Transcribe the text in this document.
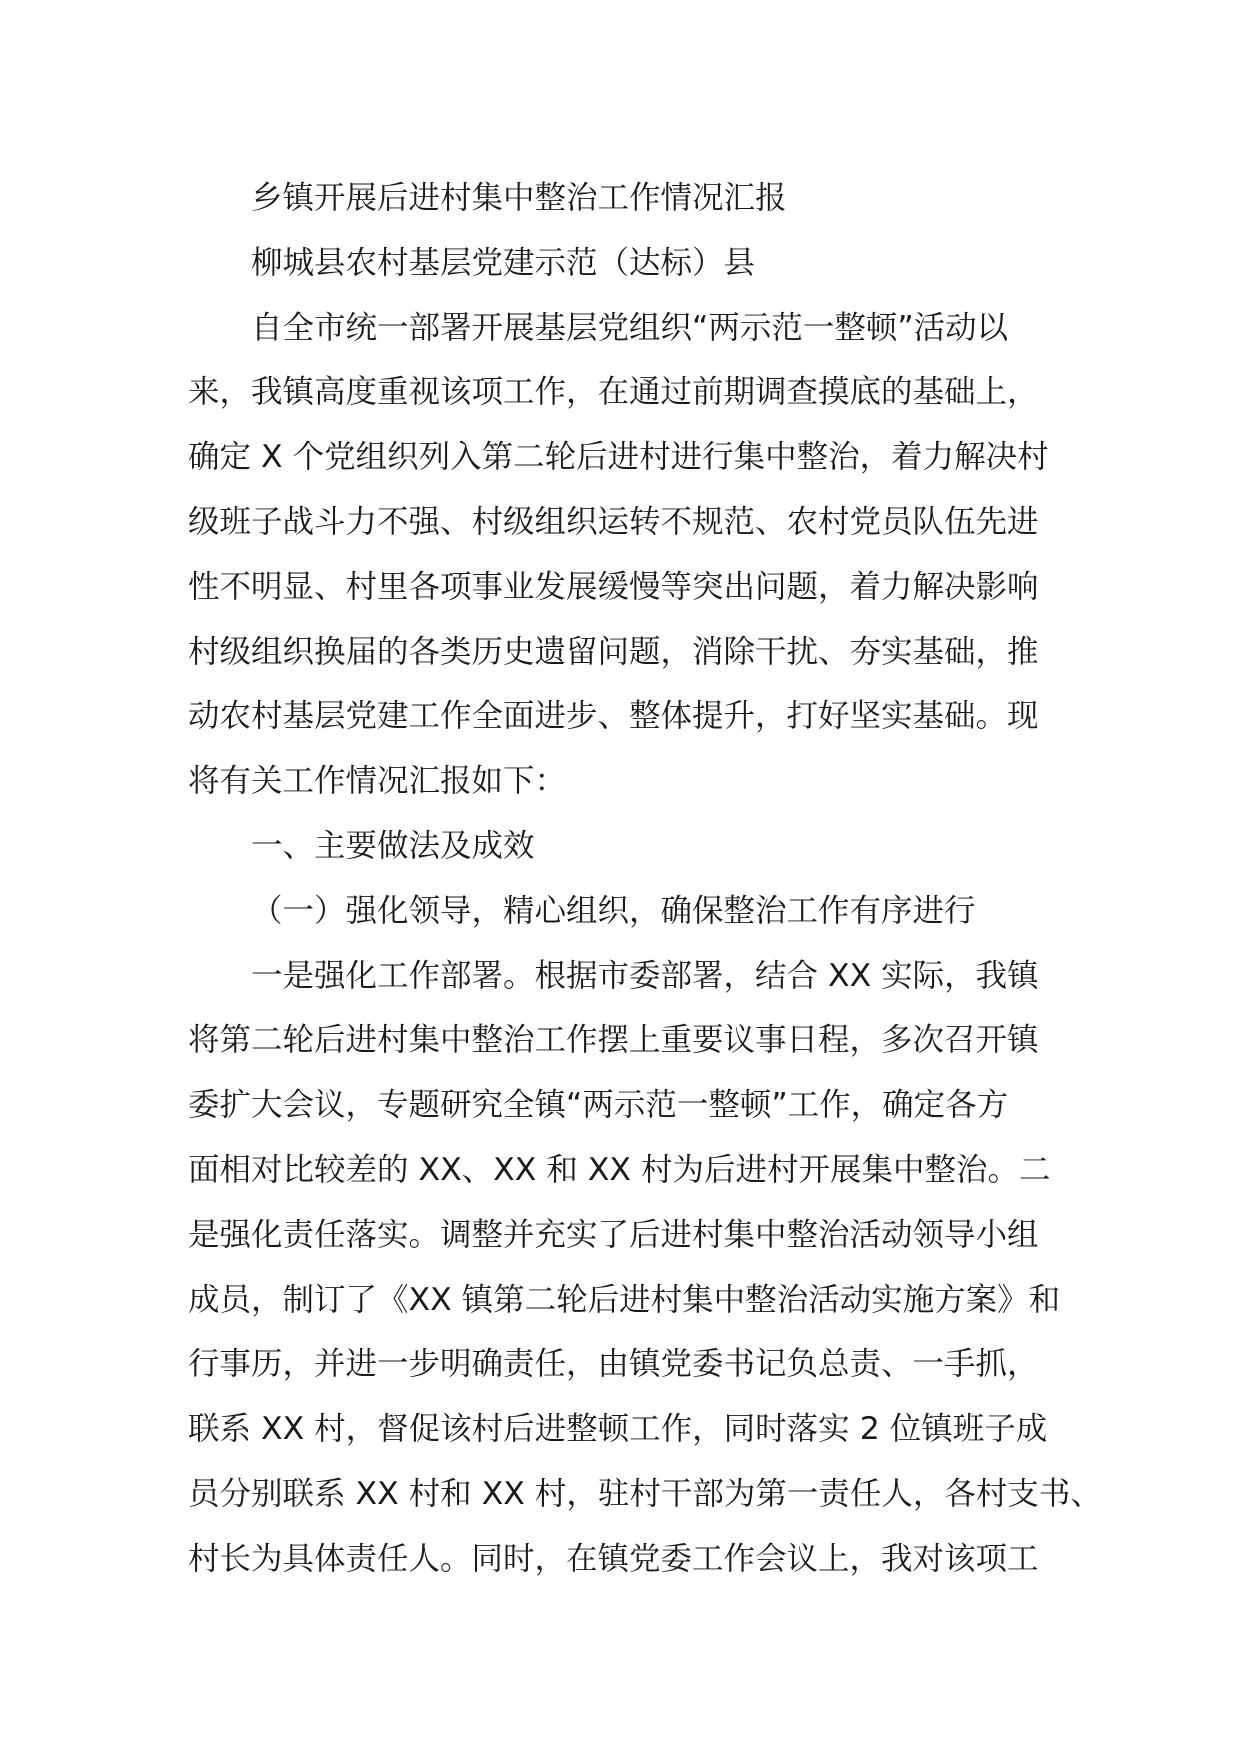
乡镇开展后进村集中整治工作情况汇报
柳城县农村基层党建示范（达标）县
自全市统一部署开展基层党组织“两示范一整顿”活动以
来，我镇高度重视该项工作，在通过前期调查摸底的基础上，
确定 X 个党组织列入第二轮后进村进行集中整治，着力解决村
级班子战斗力不强、村级组织运转不规范、农村党员队伍先进
性不明显、村里各项事业发展缓慢等突出问题，着力解决影响
村级组织换届的各类历史遗留问题，消除干扰、夯实基础，推
动农村基层党建工作全面进步、整体提升，打好坚实基础。现
将有关工作情况汇报如下：
一、主要做法及成效
（一）强化领导，精心组织，确保整治工作有序进行
一是强化工作部署。根据市委部署，结合 XX 实际，我镇
将第二轮后进村集中整治工作摆上重要议事日程，多次召开镇
委扩大会议，专题研究全镇“两示范一整顿”工作，确定各方
面相对比较差的 XX、XX 和 XX 村为后进村开展集中整治。二
是强化责任落实。调整并充实了后进村集中整治活动领导小组
成员，制订了《XX 镇第二轮后进村集中整治活动实施方案》和
行事历，并进一步明确责任，由镇党委书记负总责、一手抓，
联系 XX 村，督促该村后进整顿工作，同时落实 2 位镇班子成
员分别联系 XX 村和 XX 村，驻村干部为第一责任人，各村支书、
村长为具体责任人。同时，在镇党委工作会议上，我对该项工
